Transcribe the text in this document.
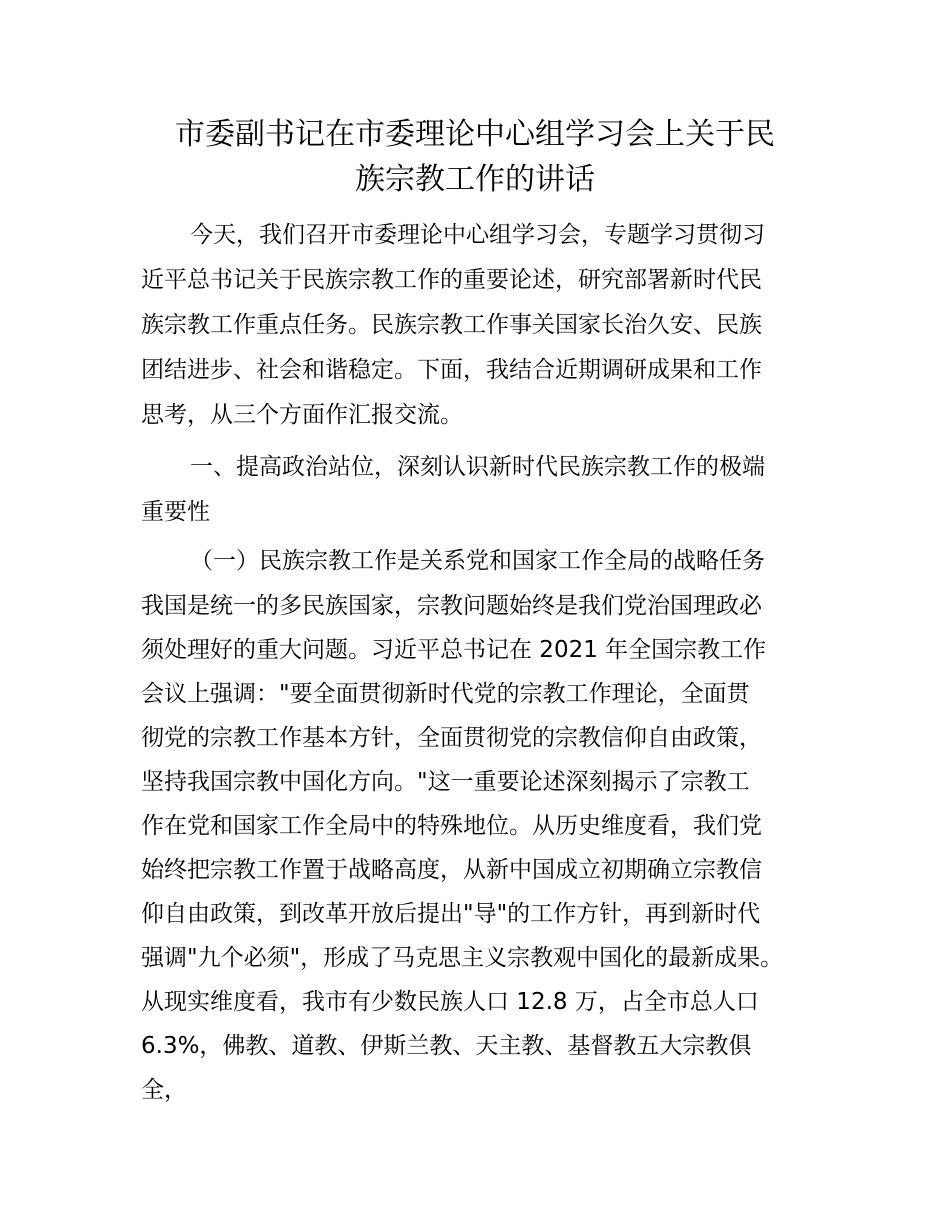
市委副书记在市委理论中心组学习会上关于民
族宗教工作的讲话
今天，我们召开市委理论中心组学习会，专题学习贯彻习
近平总书记关于民族宗教工作的重要论述，研究部署新时代民
族宗教工作重点任务。民族宗教工作事关国家长治久安、民族
团结进步、社会和谐稳定。下面，我结合近期调研成果和工作
思考，从三个方面作汇报交流。
一、提高政治站位，深刻认识新时代民族宗教工作的极端
重要性
（一）民族宗教工作是关系党和国家工作全局的战略任务
我国是统一的多民族国家，宗教问题始终是我们党治国理政必
须处理好的重大问题。习近平总书记在 2021 年全国宗教工作
会议上强调："要全面贯彻新时代党的宗教工作理论，全面贯
彻党的宗教工作基本方针，全面贯彻党的宗教信仰自由政策，
坚持我国宗教中国化方向。"这一重要论述深刻揭示了宗教工
作在党和国家工作全局中的特殊地位。从历史维度看，我们党
始终把宗教工作置于战略高度，从新中国成立初期确立宗教信
仰自由政策，到改革开放后提出"导"的工作方针，再到新时代
强调"九个必须"，形成了马克思主义宗教观中国化的最新成果。
从现实维度看，我市有少数民族人口 12.8 万，占全市总人口
6.3%，佛教、道教、伊斯兰教、天主教、基督教五大宗教俱
全，
